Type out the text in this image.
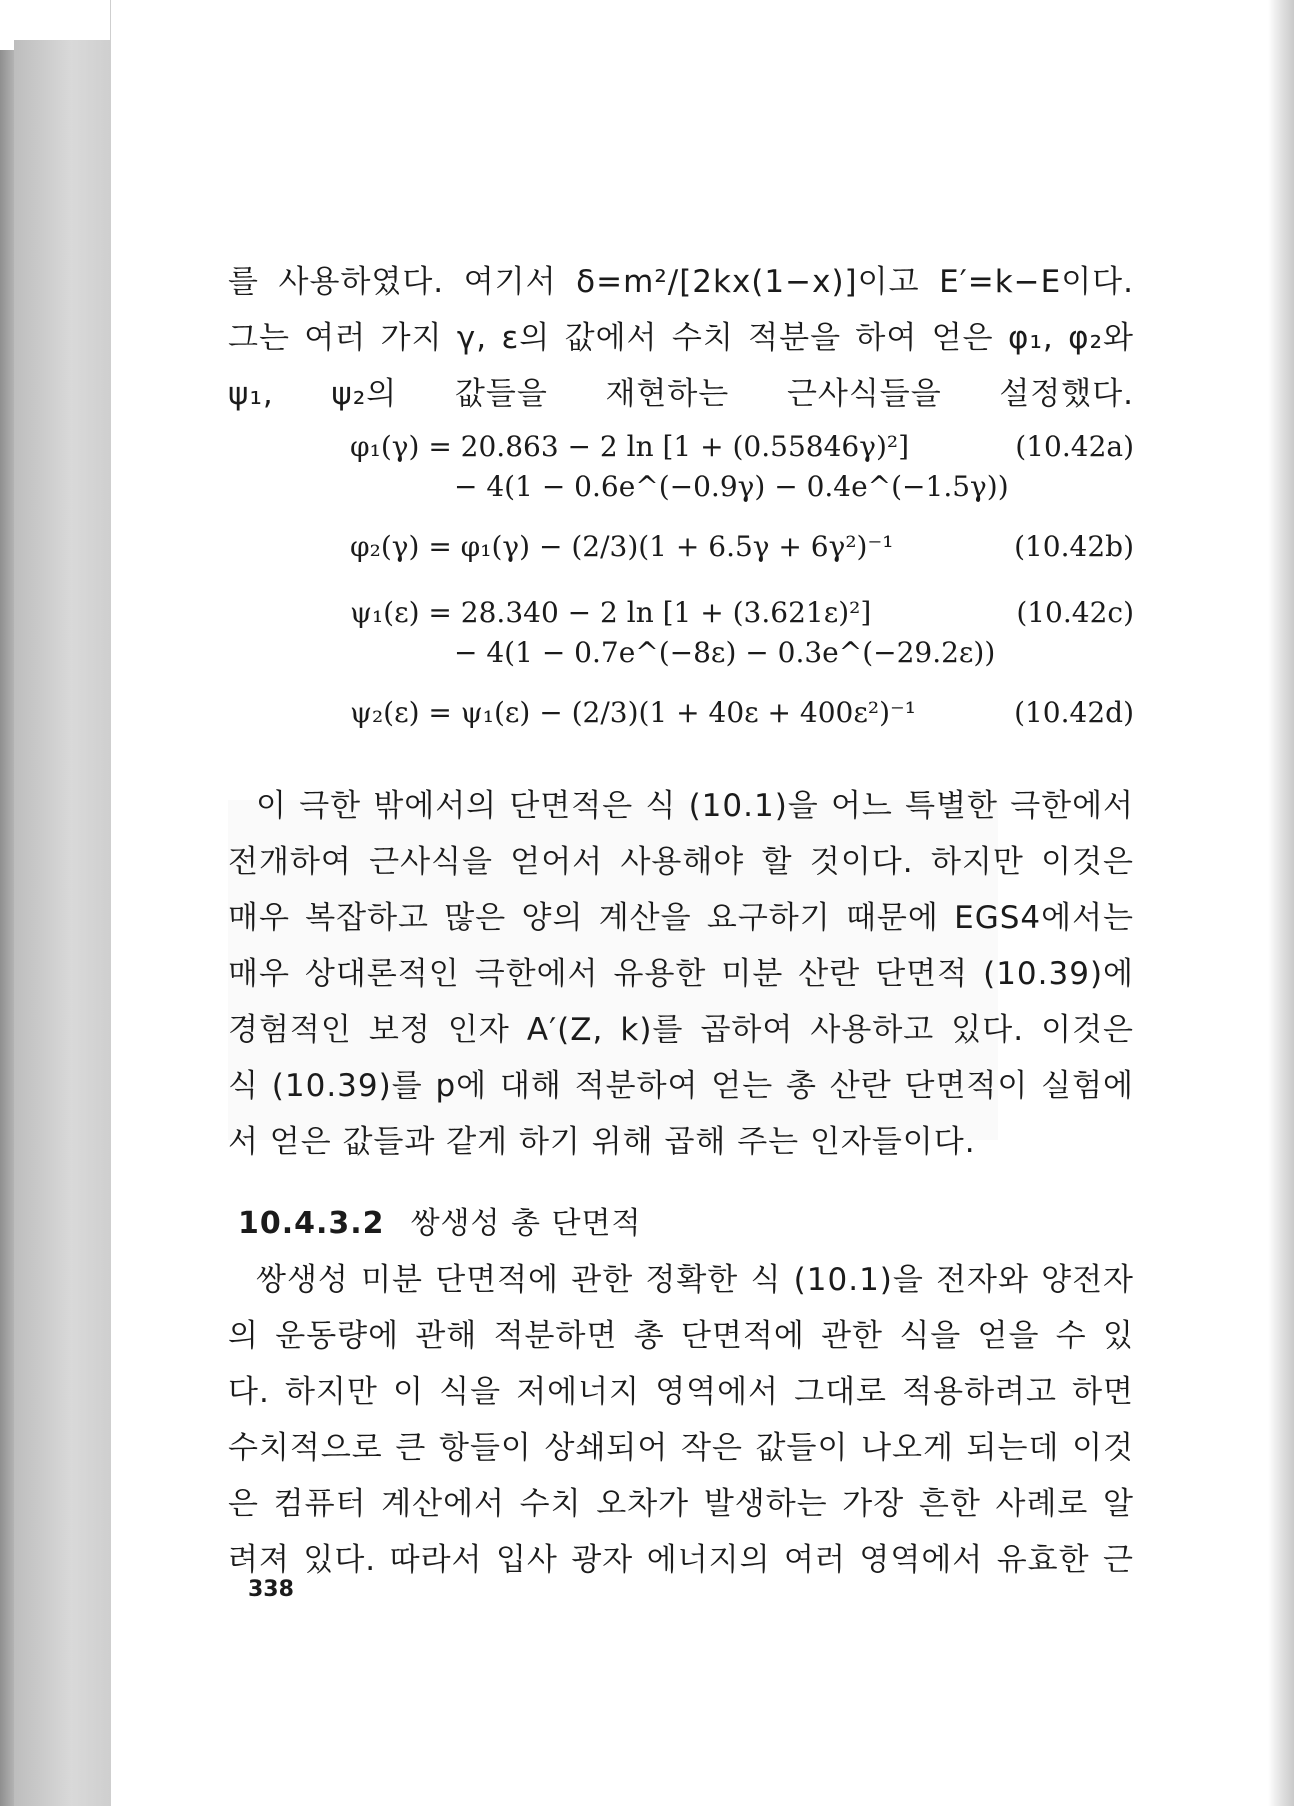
를 사용하였다. 여기서 δ=m²/[2kx(1−x)]이고 E′=k−E이다.
그는 여러 가지 γ, ε의 값에서 수치 적분을 하여 얻은 φ₁, φ₂와
ψ₁, ψ₂의 값들을 재현하는 근사식들을 설정했다.
φ₁(γ) = 20.863 − 2 ln [1 + (0.55846γ)²]	(10.42a)
− 4(1 − 0.6e^(−0.9γ) − 0.4e^(−1.5γ))
φ₂(γ) = φ₁(γ) − (2/3)(1 + 6.5γ + 6γ²)⁻¹	(10.42b)
ψ₁(ε) = 28.340 − 2 ln [1 + (3.621ε)²]	(10.42c)
− 4(1 − 0.7e^(−8ε) − 0.3e^(−29.2ε))
ψ₂(ε) = ψ₁(ε) − (2/3)(1 + 40ε + 400ε²)⁻¹	(10.42d)
이 극한 밖에서의 단면적은 식 (10.1)을 어느 특별한 극한에서
전개하여 근사식을 얻어서 사용해야 할 것이다. 하지만 이것은
매우 복잡하고 많은 양의 계산을 요구하기 때문에 EGS4에서는
매우 상대론적인 극한에서 유용한 미분 산란 단면적 (10.39)에
경험적인 보정 인자 A′(Z, k)를 곱하여 사용하고 있다. 이것은
식 (10.39)를 p에 대해 적분하여 얻는 총 산란 단면적이 실험에
서 얻은 값들과 같게 하기 위해 곱해 주는 인자들이다.
10.4.3.2 쌍생성 총 단면적
쌍생성 미분 단면적에 관한 정확한 식 (10.1)을 전자와 양전자
의 운동량에 관해 적분하면 총 단면적에 관한 식을 얻을 수 있
다. 하지만 이 식을 저에너지 영역에서 그대로 적용하려고 하면
수치적으로 큰 항들이 상쇄되어 작은 값들이 나오게 되는데 이것
은 컴퓨터 계산에서 수치 오차가 발생하는 가장 흔한 사례로 알
려져 있다. 따라서 입사 광자 에너지의 여러 영역에서 유효한 근
338
